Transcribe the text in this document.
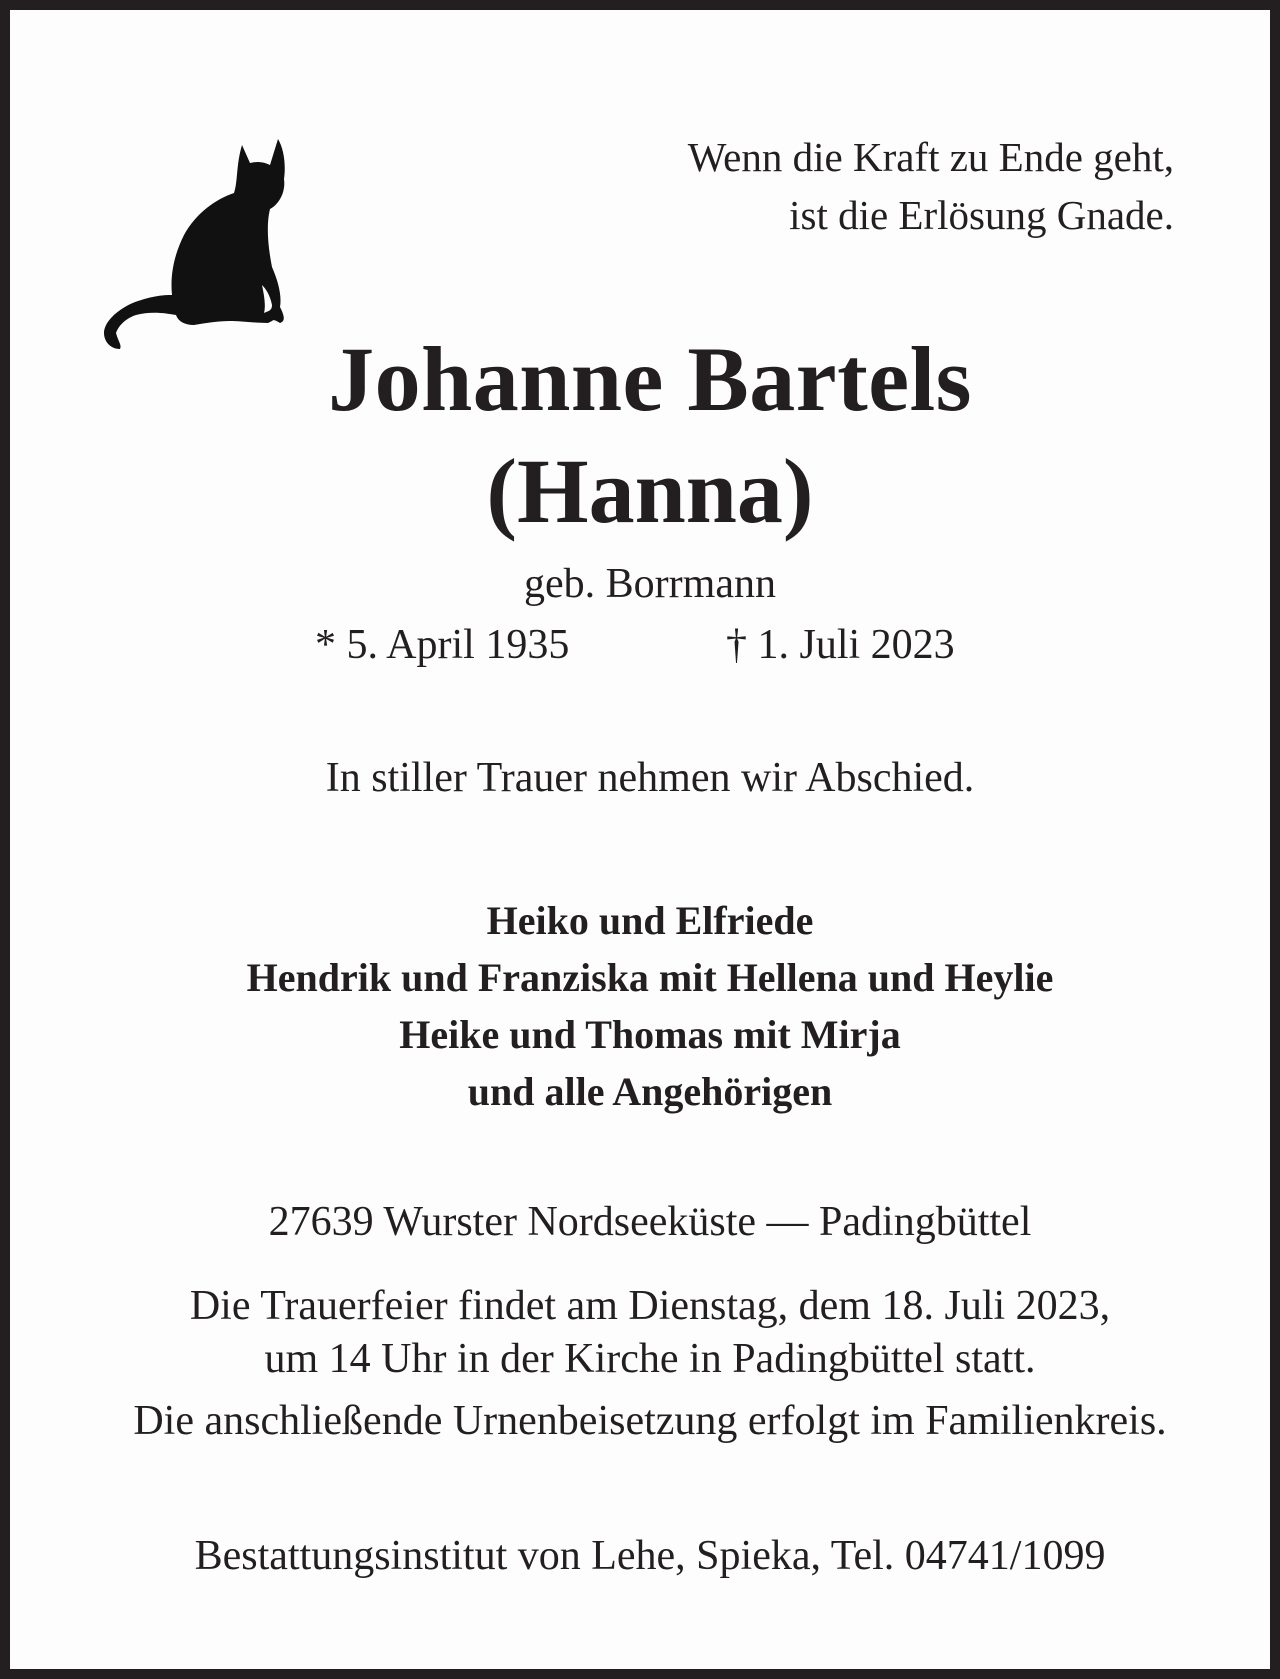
Wenn die Kraft zu Ende geht,
ist die Erlösung Gnade.
Johanne Bartels
(Hanna)
geb. Borrmann
* 5. April 1935	† 1. Juli 2023
In stiller Trauer nehmen wir Abschied.
Heiko und Elfriede
Hendrik und Franziska mit Hellena und Heylie
Heike und Thomas mit Mirja
und alle Angehörigen
27639 Wurster Nordseeküste — Padingbüttel
Die Trauerfeier findet am Dienstag, dem 18. Juli 2023,
um 14 Uhr in der Kirche in Padingbüttel statt.
Die anschließende Urnenbeisetzung erfolgt im Familienkreis.
Bestattungsinstitut von Lehe, Spieka, Tel. 04741/1099
